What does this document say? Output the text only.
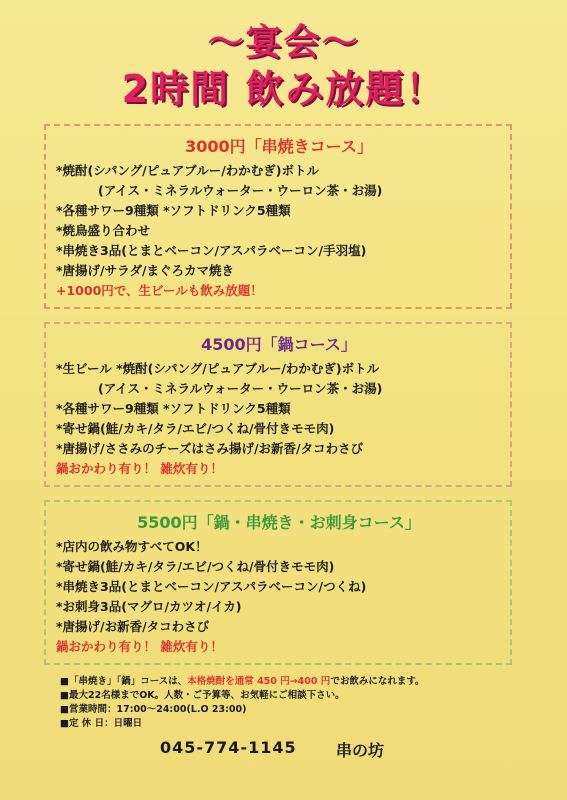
～宴会～
2時間 飲み放題！
3000円「串焼きコース」
*焼酎(シパング/ピュアブルー/わかむぎ)ボトル
(アイス・ミネラルウォーター・ウーロン茶・お湯)
*各種サワー9種類 *ソフトドリンク5種類
*焼鳥盛り合わせ
*串焼き3品(とまとベーコン/アスパラベーコン/手羽塩)
*唐揚げ/サラダ/まぐろカマ焼き
+1000円で、生ビールも飲み放題！
4500円「鍋コース」
*生ビール *焼酎(シパング/ピュアブルー/わかむぎ)ボトル
(アイス・ミネラルウォーター・ウーロン茶・お湯)
*各種サワー9種類 *ソフトドリンク5種類
*寄せ鍋(鮭/カキ/タラ/エビ/つくね/骨付きモモ肉)
*唐揚げ/ささみのチーズはさみ揚げ/お新香/タコわさび
鍋おかわり有り！ 雑炊有り！
5500円「鍋・串焼き・お刺身コース」
*店内の飲み物すべてOK！
*寄せ鍋(鮭/カキ/タラ/エビ/つくね/骨付きモモ肉)
*串焼き3品(とまとベーコン/アスパラベーコン/つくね)
*お刺身3品(マグロ/カツオ/イカ)
*唐揚げ/お新香/タコわさび
鍋おかわり有り！ 雑炊有り！
■「串焼き」「鍋」コースは、本格焼酎を通常 450 円→400 円でお飲みになれます。
■最大22名様までOK。人数・ご予算等、お気軽にご相談下さい。
■営業時間：17:00～24:00(L.O 23:00)
■定 休 日：日曜日
045-774-1145 串の坊
